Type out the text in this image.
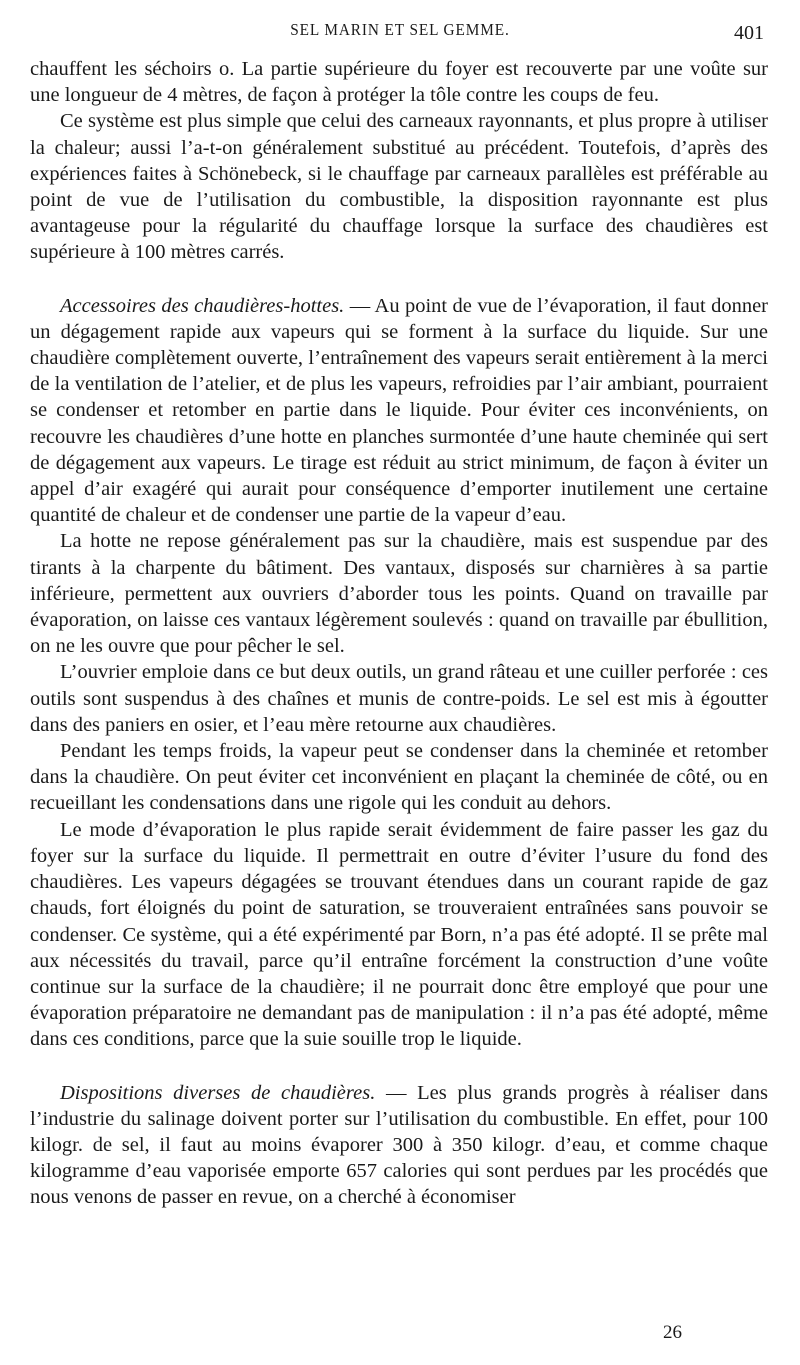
SEL MARIN ET SEL GEMME.	401

chauffent les séchoirs o. La partie supérieure du foyer est recouverte par une voûte sur une longueur de 4 mètres, de façon à protéger la tôle contre les coups de feu.

Ce système est plus simple que celui des carneaux rayonnants, et plus propre à utiliser la chaleur; aussi l’a-t-on généralement substitué au précédent. Toutefois, d’après des expériences faites à Schönebeck, si le chauffage par carneaux parallèles est préférable au point de vue de l’utilisation du combustible, la disposition rayonnante est plus avantageuse pour la régularité du chauffage lorsque la surface des chaudières est supérieure à 100 mètres carrés.

Accessoires des chaudières-hottes. — Au point de vue de l’évaporation, il faut donner un dégagement rapide aux vapeurs qui se forment à la surface du liquide. Sur une chaudière complètement ouverte, l’entraînement des vapeurs serait entièrement à la merci de la ventilation de l’atelier, et de plus les vapeurs, refroidies par l’air ambiant, pourraient se condenser et retomber en partie dans le liquide. Pour éviter ces inconvénients, on recouvre les chaudières d’une hotte en planches surmontée d’une haute cheminée qui sert de dégagement aux vapeurs. Le tirage est réduit au strict minimum, de façon à éviter un appel d’air exagéré qui aurait pour conséquence d’emporter inutilement une certaine quantité de chaleur et de condenser une partie de la vapeur d’eau.

La hotte ne repose généralement pas sur la chaudière, mais est suspendue par des tirants à la charpente du bâtiment. Des vantaux, disposés sur charnières à sa partie inférieure, permettent aux ouvriers d’aborder tous les points. Quand on travaille par évaporation, on laisse ces vantaux légèrement soulevés : quand on travaille par ébullition, on ne les ouvre que pour pêcher le sel.

L’ouvrier emploie dans ce but deux outils, un grand râteau et une cuiller perforée : ces outils sont suspendus à des chaînes et munis de contre-poids. Le sel est mis à égoutter dans des paniers en osier, et l’eau mère retourne aux chaudières.

Pendant les temps froids, la vapeur peut se condenser dans la cheminée et retomber dans la chaudière. On peut éviter cet inconvénient en plaçant la cheminée de côté, ou en recueillant les condensations dans une rigole qui les conduit au dehors.

Le mode d’évaporation le plus rapide serait évidemment de faire passer les gaz du foyer sur la surface du liquide. Il permettrait en outre d’éviter l’usure du fond des chaudières. Les vapeurs dégagées se trouvant étendues dans un courant rapide de gaz chauds, fort éloignés du point de saturation, se trouveraient entraînées sans pouvoir se condenser. Ce système, qui a été expérimenté par Born, n’a pas été adopté. Il se prête mal aux nécessités du travail, parce qu’il entraîne forcément la construction d’une voûte continue sur la surface de la chaudière; il ne pourrait donc être employé que pour une évaporation préparatoire ne demandant pas de manipulation : il n’a pas été adopté, même dans ces conditions, parce que la suie souille trop le liquide.

Dispositions diverses de chaudières. — Les plus grands progrès à réaliser dans l’industrie du salinage doivent porter sur l’utilisation du combustible. En effet, pour 100 kilogr. de sel, il faut au moins évaporer 300 à 350 kilogr. d’eau, et comme chaque kilogramme d’eau vaporisée emporte 657 calories qui sont perdues par les procédés que nous venons de passer en revue, on a cherché à économiser

26
